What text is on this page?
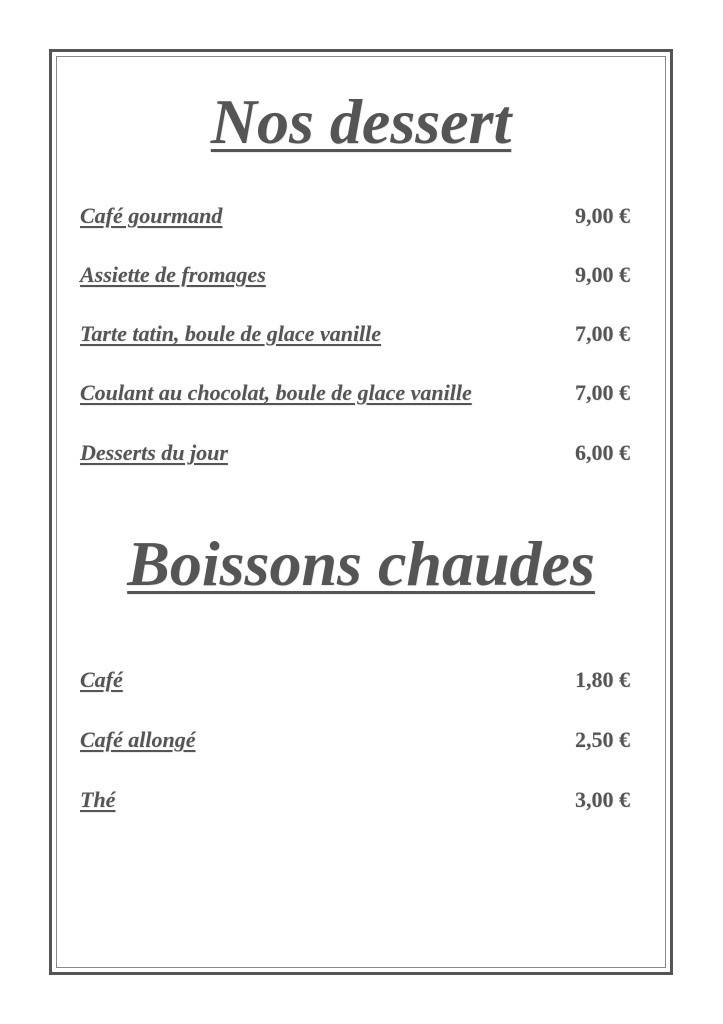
Nos dessert
Café gourmand	9,00 €
Assiette de fromages	9,00 €
Tarte tatin, boule de glace vanille	7,00 €
Coulant au chocolat, boule de glace vanille	7,00 €
Desserts du jour	6,00 €
Boissons chaudes
Café	1,80 €
Café allongé	2,50 €
Thé	3,00 €
